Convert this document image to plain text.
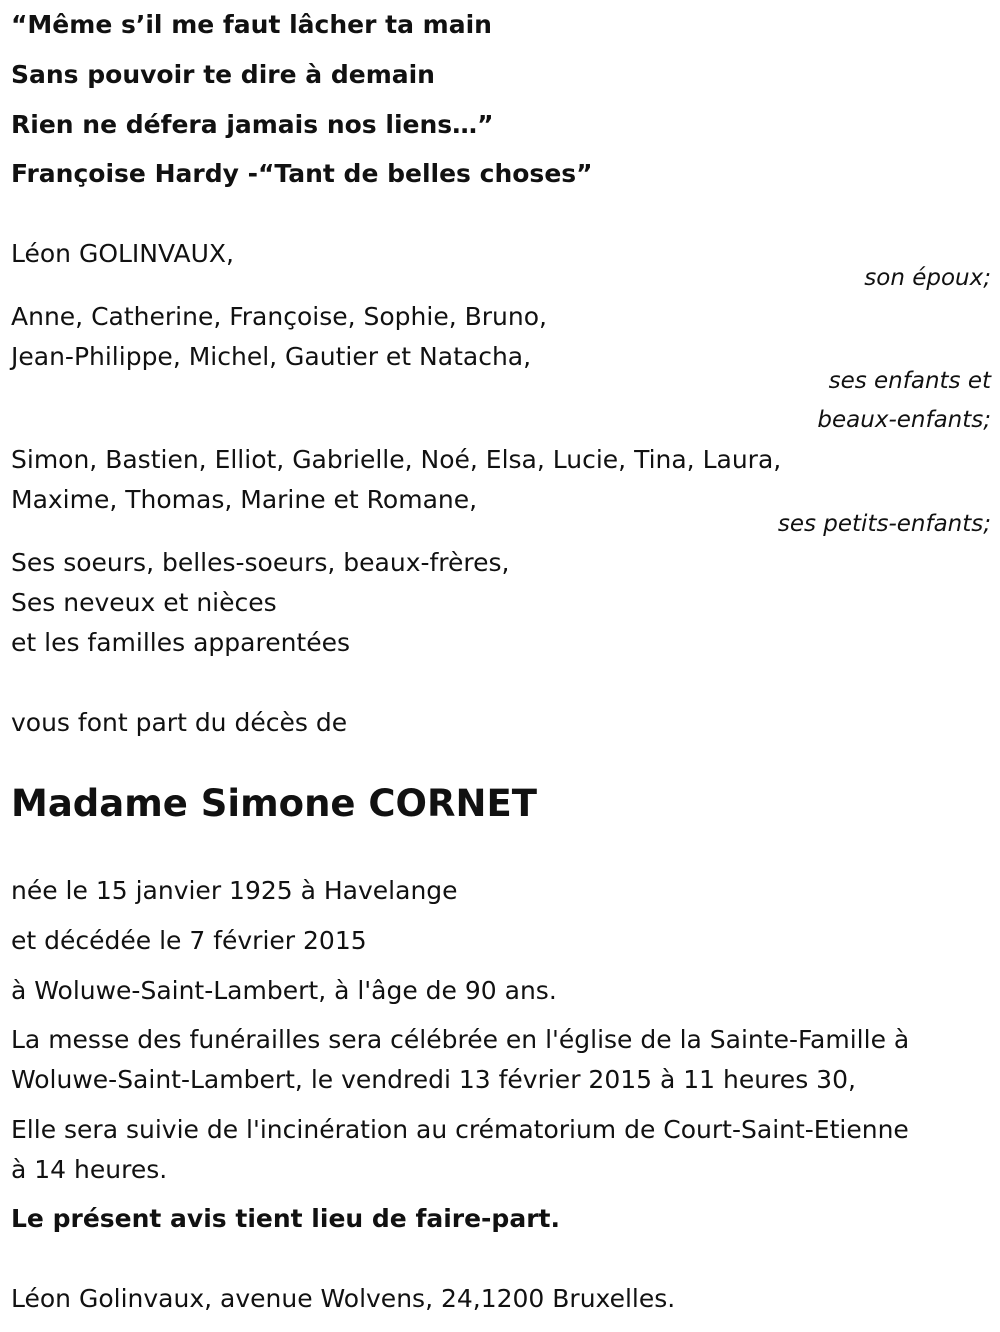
“Même s’il me faut lâcher ta main
Sans pouvoir te dire à demain
Rien ne défera jamais nos liens…”
Françoise Hardy -“Tant de belles choses”
Léon GOLINVAUX,
son époux;
Anne, Catherine, Françoise, Sophie, Bruno,
Jean-Philippe, Michel, Gautier et Natacha,
ses enfants et
beaux-enfants;
Simon, Bastien, Elliot, Gabrielle, Noé, Elsa, Lucie, Tina, Laura,
Maxime, Thomas, Marine et Romane,
ses petits-enfants;
Ses soeurs, belles-soeurs, beaux-frères,
Ses neveux et nièces
et les familles apparentées
vous font part du décès de
Madame Simone CORNET
née le 15 janvier 1925 à Havelange
et décédée le 7 février 2015
à Woluwe-Saint-Lambert, à l'âge de 90 ans.
La messe des funérailles sera célébrée en l'église de la Sainte-Famille à
Woluwe-Saint-Lambert, le vendredi 13 février 2015 à 11 heures 30,
Elle sera suivie de l'incinération au crématorium de Court-Saint-Etienne
à 14 heures.
Le présent avis tient lieu de faire-part.
Léon Golinvaux, avenue Wolvens, 24,1200 Bruxelles.
